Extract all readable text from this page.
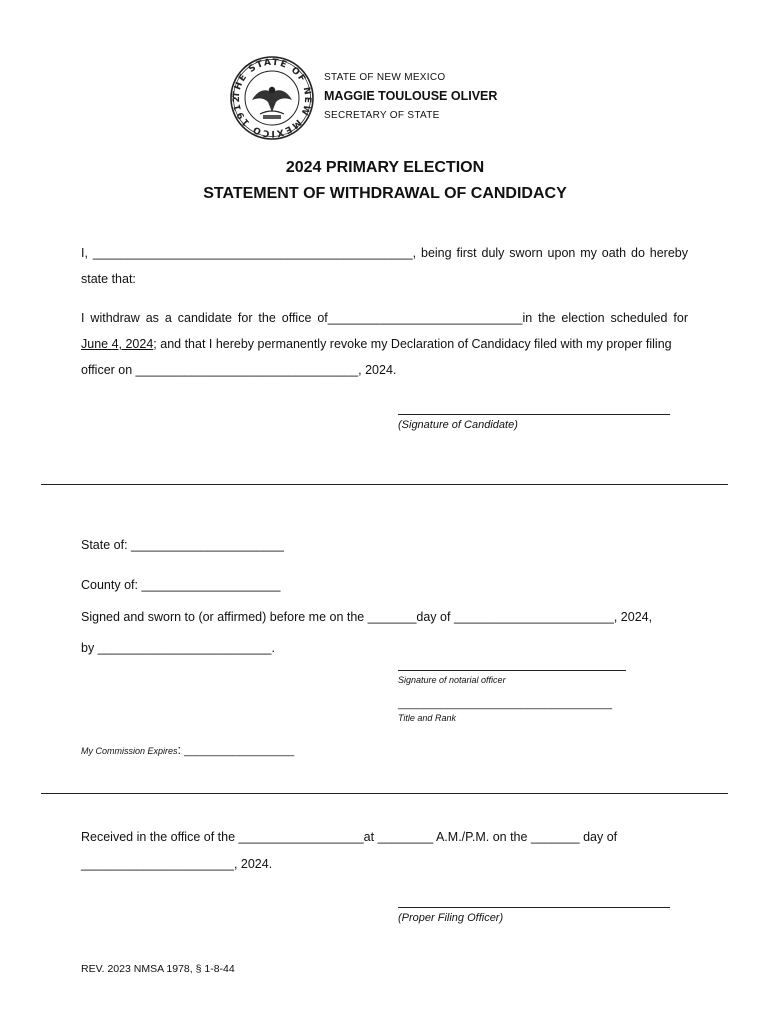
THE STATE OF NEW MEXICO 1912
STATE OF NEW MEXICO
MAGGIE TOULOUSE OLIVER
SECRETARY OF STATE
2024 PRIMARY ELECTION
STATEMENT OF WITHDRAWAL OF CANDIDACY
I, ______________________________________________, being first duly sworn upon my oath do hereby
state that:
I withdraw as a candidate for the office of____________________________in the election scheduled for
June 4, 2024; and that I hereby permanently revoke my Declaration of Candidacy filed with my proper filing
officer on ________________________________, 2024.
(Signature of Candidate)
State of: ______________________
County of: ____________________
Signed and sworn to (or affirmed) before me on the _______day of _______________________, 2024,
by _________________________.
Signature of notarial officer
___________________________________
Title and Rank
My Commission Expires: __________________
Received in the office of the __________________at ________ A.M./P.M. on the _______ day of
______________________, 2024.
(Proper Filing Officer)
REV. 2023 NMSA 1978, § 1-8-44
